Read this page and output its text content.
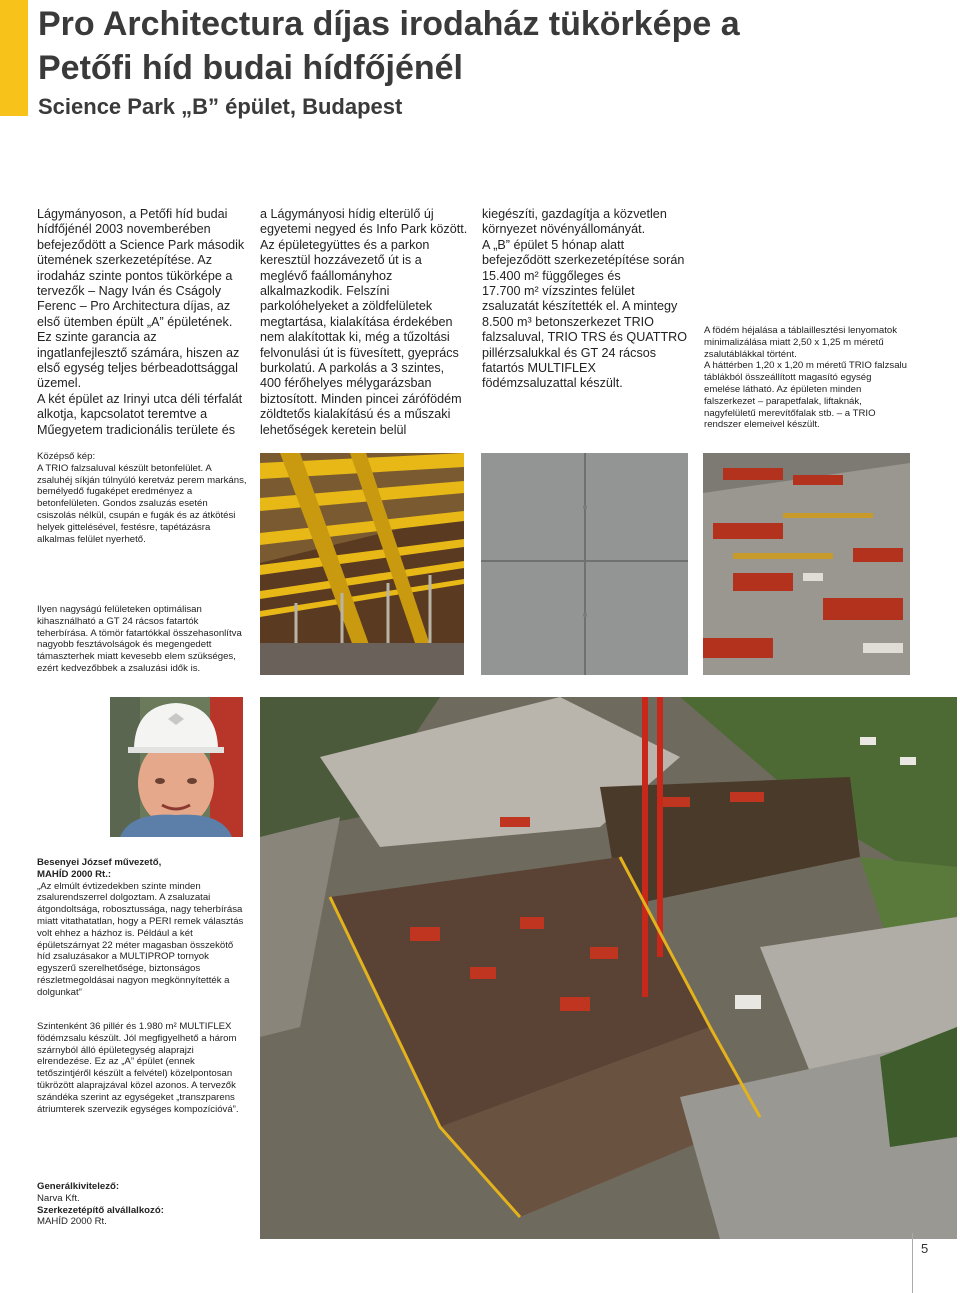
Pro Architectura díjas irodaház tükörképe a
Petőfi híd budai hídfőjénél
Science Park „B” épület, Budapest

Lágymányoson, a Petőfi híd budai hídfőjénél 2003 novemberében befejeződött a Science Park második ütemének szerkezetépítése. Az irodaház szinte pontos tükörképe a tervezők – Nagy Iván és Cságoly Ferenc – Pro Architectura díjas, az első ütemben épült „A” épületének.

Ez szinte garancia az ingatlanfejlesztő számára, hiszen az első egység teljes bérbeadottsággal üzemel.

A két épület az Irinyi utca déli térfalát alkotja, kapcsolatot teremtve a Műegyetem tradicionális területe és

a Lágymányosi hídig elterülő új egyetemi negyed és Info Park között. Az épületegyüttes és a parkon keresztül hozzávezető út is a meglévő faállományhoz alkalmazkodik. Felszíni parkolóhelyeket a zöldfelületek megtartása, kialakítása érdekében nem alakítottak ki, még a tűzoltási felvonulási út is füvesített, gyeprács burkolatú. A parkolás a 3 szintes, 400 férőhelyes mélygarázsban biztosított. Minden pincei zárófödém zöldtetős kialakítású és a műszaki lehetőségek keretein belül

kiegészíti, gazdagítja a közvetlen környezet növényállományát.

A „B” épület 5 hónap alatt befejeződött szerkezetépítése során

15.400 m² függőleges és

17.700 m² vízszintes felület zsaluzatát készítették el. A mintegy

8.500 m³ betonszerkezet TRIO falzsaluval, TRIO TRS és QUATTRO pillérzsalukkal és GT 24 rácsos fatartós MULTIFLEX födémzsaluzattal készült.

A födém héjalása a táblaillesztési lenyomatok minimalizálása miatt 2,50 x 1,25 m méretű zsalutáblákkal történt.

A háttérben 1,20 x 1,20 m méretű TRIO falzsalu táblákból összeállított magasító egység emelése látható. Az épületen minden falszerkezet – parapetfalak, liftaknák, nagyfelületű merevítőfalak stb. – a TRIO rendszer elemeivel készült.

Középső kép:

A TRIO falzsaluval készült betonfelület. A zsaluhéj síkján túlnyúló keretváz perem markáns, bemélyedő fugaképet eredményez a betonfelületen. Gondos zsaluzás esetén csiszolás nélkül, csupán e fugák és az átkötési helyek gittelésével, festésre, tapétázásra alkalmas felület nyerhető.

Ilyen nagyságú felületeken optimálisan kihasználható a GT 24 rácsos fatartók teherbírása. A tömör fatartókkal összehasonlítva nagyobb fesztávolságok és megengedett támaszterhek miatt kevesebb elem szükséges, ezért kedvezőbbek a zsaluzási idők is.

Besenyei József művezető,

MAHÍD 2000 Rt.:

„Az elmúlt évtizedekben szinte minden zsalurendszerrel dolgoztam. A zsaluzatai átgondoltsága, robosztussága, nagy teherbírása miatt vitathatatlan, hogy a PERI remek választás volt ehhez a házhoz is. Például a két épületszárnyat 22 méter magasban összekötő híd zsaluzásakor a MULTIPROP tornyok egyszerű szerelhetősége, biztonságos részletmegoldásai nagyon megkönnyítették a dolgunkat”

Szintenként 36 pillér és 1.980 m² MULTIFLEX födémzsalu készült. Jól megfigyelhető a három szárnyból álló épületegység alaprajzi elrendezése. Ez az „A” épület (ennek tetőszintjéről készült a felvétel) közelpontosan tükrözött alaprajzával közel azonos. A tervezők szándéka szerint az egységeket „transzparens átriumterek szervezik egységes kompozícióvá”.

Generálkivitelező:

Narva Kft.

Szerkezetépítő alvállalkozó:

MAHÍD 2000 Rt.

5
